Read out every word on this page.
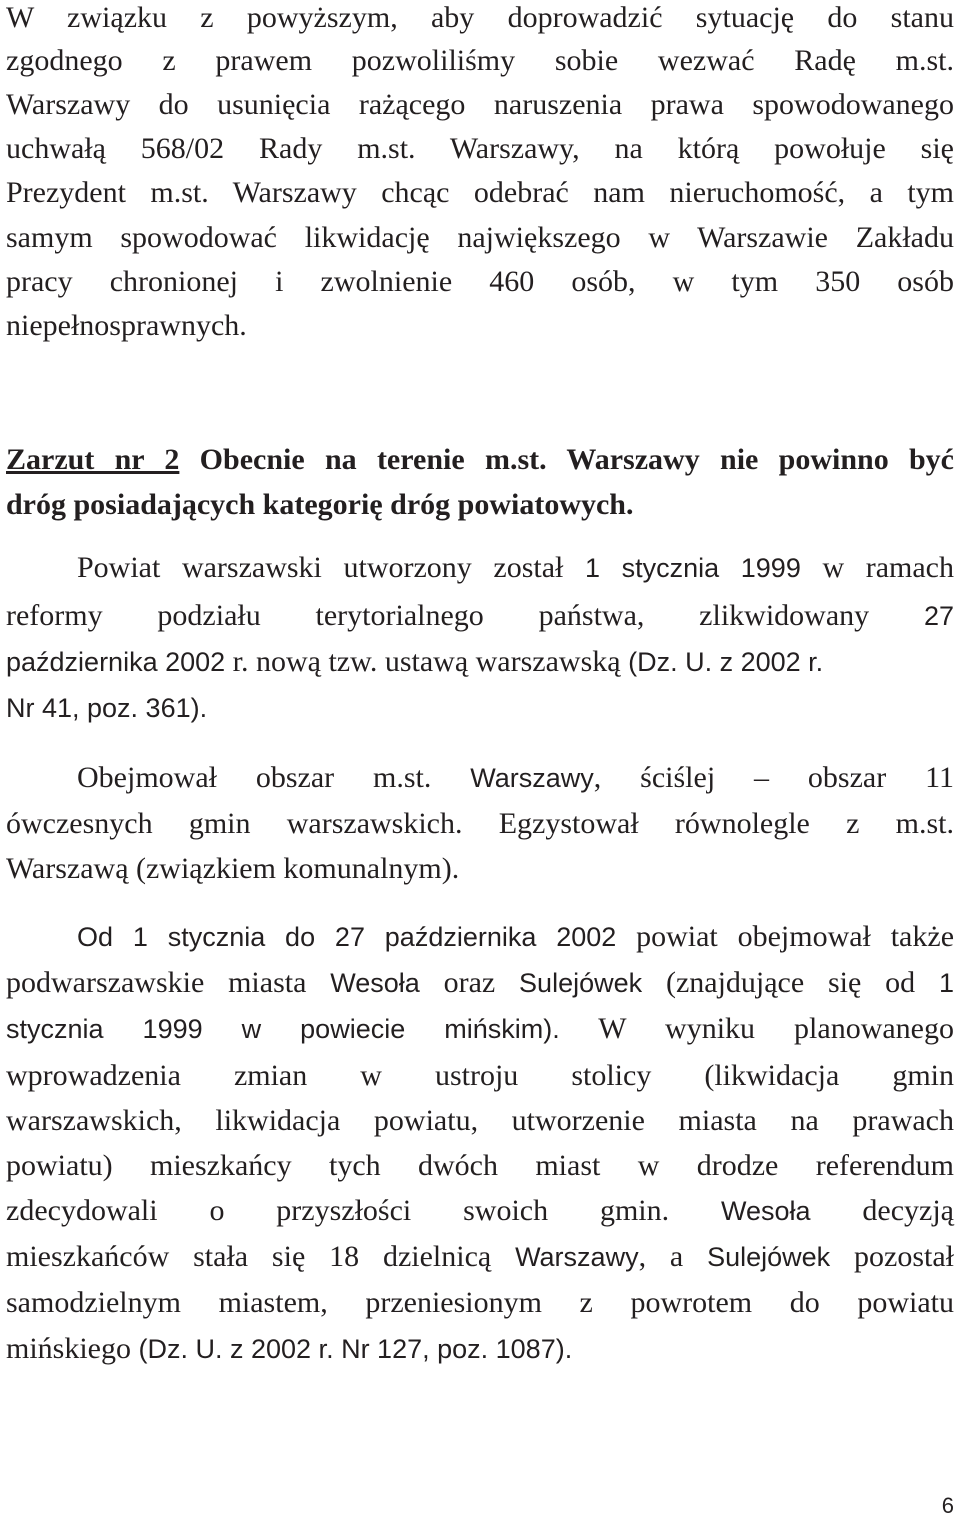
W związku z powyższym, aby doprowadzić sytuację do stanu
zgodnego z prawem pozwoliliśmy sobie wezwać Radę m.st.
Warszawy do usunięcia rażącego naruszenia prawa spowodowanego
uchwałą 568/02 Rady m.st. Warszawy, na którą powołuje się
Prezydent m.st. Warszawy chcąc odebrać nam nieruchomość, a tym
samym spowodować likwidację największego w Warszawie Zakładu
pracy chronionej i zwolnienie 460 osób, w tym 350 osób
niepełnosprawnych.
Zarzut nr 2 Obecnie na terenie m.st. Warszawy nie powinno być
dróg posiadających kategorię dróg powiatowych.
Powiat warszawski utworzony został 1 stycznia 1999 w ramach
reformy podziału terytorialnego państwa, zlikwidowany 27
października 2002 r. nową tzw. ustawą warszawską (Dz. U. z 2002 r.
Nr 41, poz. 361).
Obejmował obszar m.st. Warszawy, ściślej – obszar 11
ówczesnych gmin warszawskich. Egzystował równolegle z m.st.
Warszawą (związkiem komunalnym).
Od 1 stycznia do 27 października 2002 powiat obejmował także
podwarszawskie miasta Wesoła oraz Sulejówek (znajdujące się od 1
stycznia 1999 w powiecie mińskim). W wyniku planowanego
wprowadzenia zmian w ustroju stolicy (likwidacja gmin
warszawskich, likwidacja powiatu, utworzenie miasta na prawach
powiatu) mieszkańcy tych dwóch miast w drodze referendum
zdecydowali o przyszłości swoich gmin. Wesoła decyzją
mieszkańców stała się 18 dzielnicą Warszawy, a Sulejówek pozostał
samodzielnym miastem, przeniesionym z powrotem do powiatu
mińskiego (Dz. U. z 2002 r. Nr 127, poz. 1087).
6
